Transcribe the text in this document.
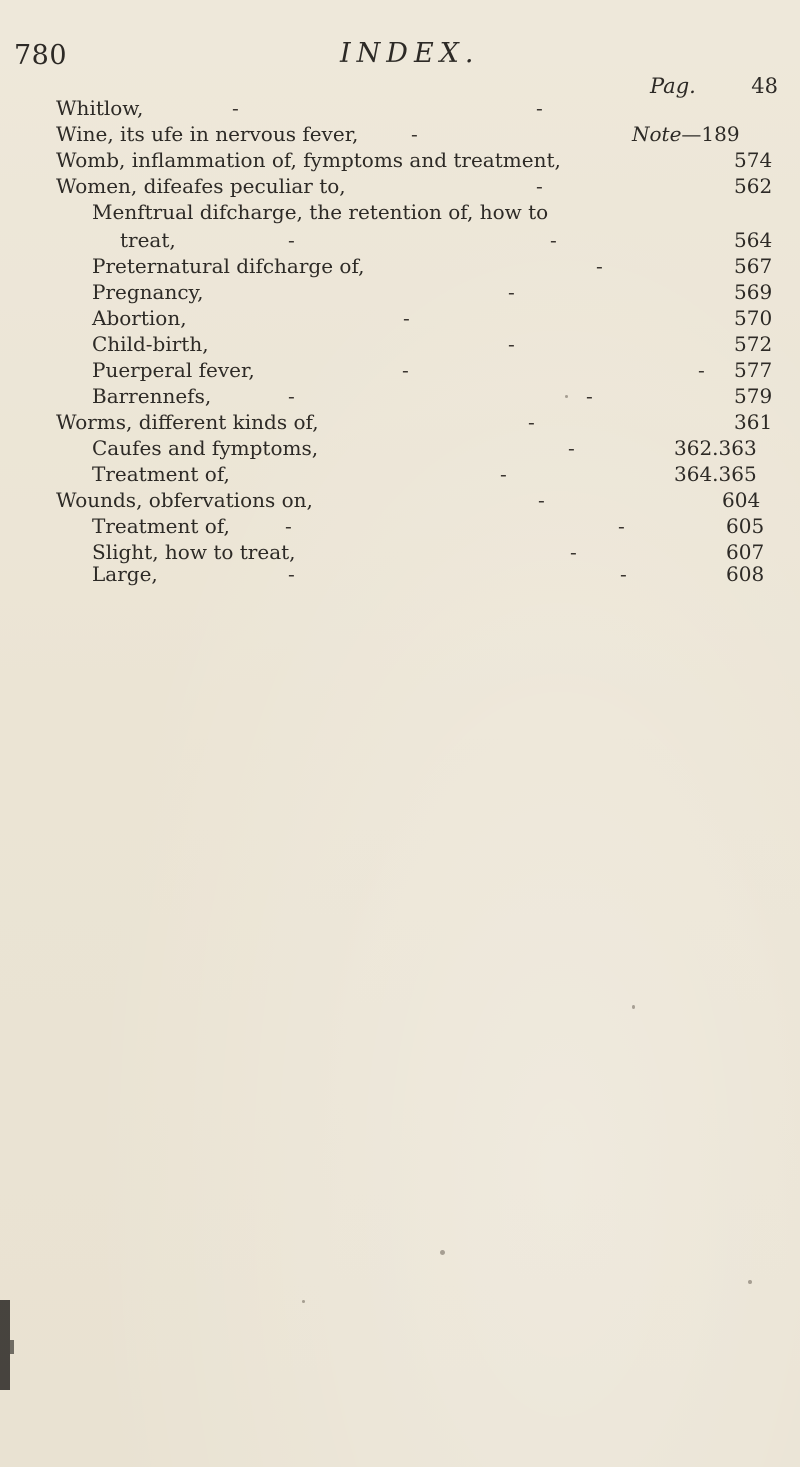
780	INDEX.
Pag.	48
Whitlow,	-	-
Wine, its ufe in nervous fever,	-	Note—189
Womb, inflammation of, fymptoms and treatment,	574
Women, difeafes peculiar to,	-	562
Menftrual difcharge, the retention of, how to
treat,	-	-	564
Preternatural difcharge of,	-	567
Pregnancy,	-	569
Abortion,	-	570
Child-birth,	-	572
Puerperal fever,	-	- 577
Barrennefs,	-	-	579
Worms, different kinds of,	-	361
Caufes and fymptoms,	-	362.363
Treatment of,	-	364.365
Wounds, obfervations on,	-	604
Treatment of,	-	-	605
Slight, how to treat,	-	607
Large,	-	-	608
